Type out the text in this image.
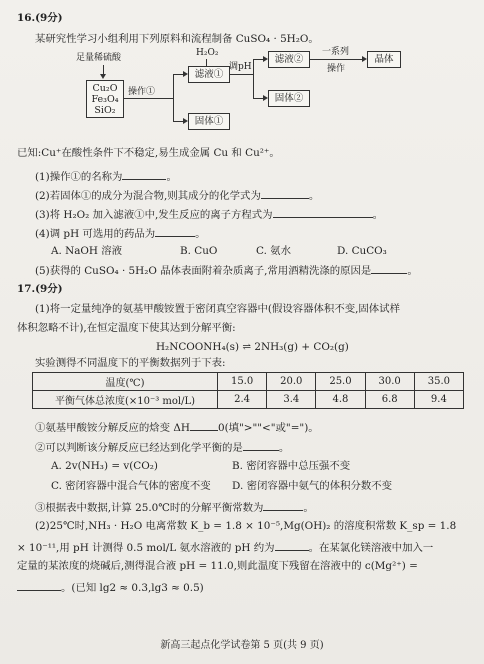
16.(9分)
某研究性学习小组利用下列原料和流程制备 CuSO₄ · 5H₂O。
足量稀硫酸
Cu₂O
Fe₃O₄
SiO₂
操作①
H₂O₂
滤液①
固体①
调pH
滤液②
固体②
一系列
操作
晶体
已知:Cu⁺在酸性条件下不稳定,易生成金属 Cu 和 Cu²⁺。
(1)操作①的名称为	。
(2)若固体①的成分为混合物,则其成分的化学式为	。
(3)将 H₂O₂ 加入滤液①中,发生反应的离子方程式为	。
(4)调 pH 可选用的药品为	。
A. NaOH 溶液	B. CuO	C. 氨水	D. CuCO₃
(5)获得的 CuSO₄ · 5H₂O 晶体表面附着杂质离子,常用酒精洗涤的原因是	。
17.(9分)
(1)将一定量纯净的氨基甲酸铵置于密闭真空容器中(假设容器体积不变,固体试样
体积忽略不计),在恒定温度下使其达到分解平衡:
H₂NCOONH₄(s) ⇌ 2NH₃(g) + CO₂(g)
实验测得不同温度下的平衡数据列于下表:
温度(℃)	15.0	20.0	25.0	30.0	35.0
平衡气体总浓度(×10⁻³ mol/L)	2.4	3.4	4.8	6.8	9.4
①氨基甲酸铵分解反应的焓变 ΔH	0(填">""<"或"=")。
②可以判断该分解反应已经达到化学平衡的是	。
A. 2v(NH₃) = v(CO₂)	B. 密闭容器中总压强不变
C. 密闭容器中混合气体的密度不变 D. 密闭容器中氨气的体积分数不变
③根据表中数据,计算 25.0℃时的分解平衡常数为	。
(2)25℃时,NH₃ · H₂O 电离常数 K_b = 1.8 × 10⁻⁵,Mg(OH)₂ 的溶度积常数 K_sp = 1.8
× 10⁻¹¹,用 pH 计测得 0.5 mol/L 氨水溶液的 pH 约为	。在某氯化镁溶液中加入一
定量的某浓度的烧碱后,测得混合液 pH = 11.0,则此温度下残留在溶液中的 c(Mg²⁺) =
。(已知 lg2 ≈ 0.3,lg3 ≈ 0.5)
新高三起点化学试卷第 5 页(共 9 页)
